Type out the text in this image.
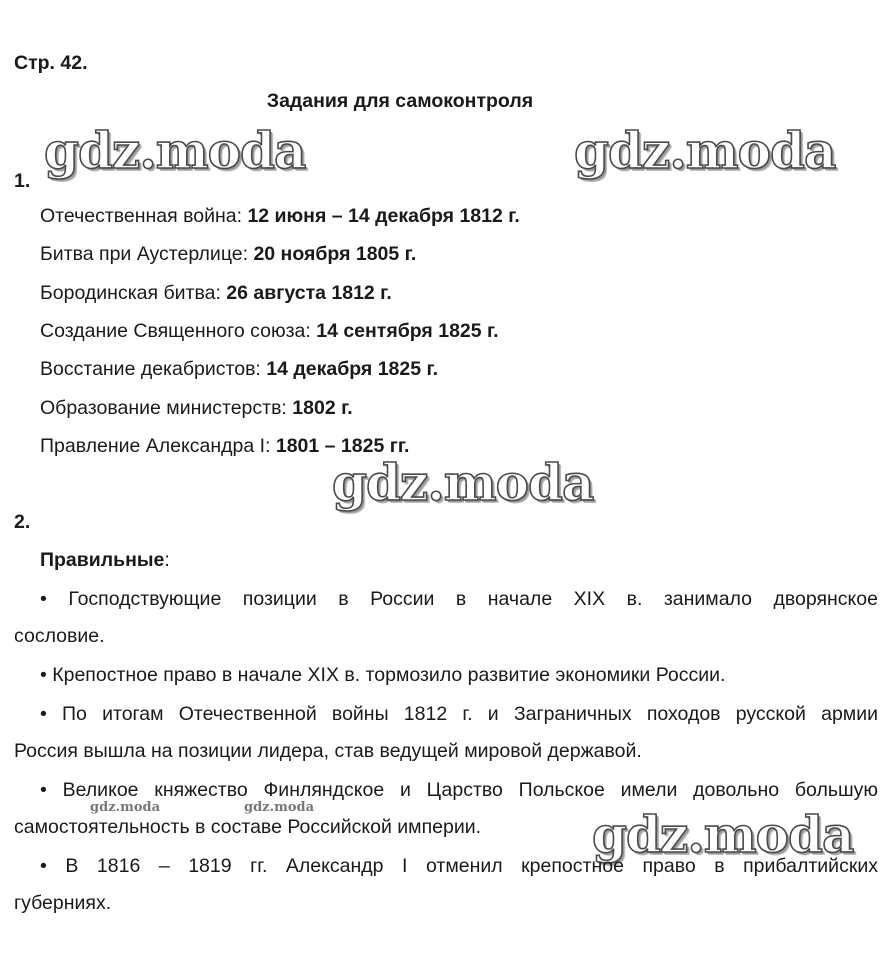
Стр. 42.
Задания для самоконтроля
gdz.moda	gdz.moda
gdz.moda
gdz.moda
gdz.moda	gdz.moda
1.
Отечественная война: 12 июня – 14 декабря 1812 г.
Битва при Аустерлице: 20 ноября 1805 г.
Бородинская битва: 26 августа 1812 г.
Создание Священного союза: 14 сентября 1825 г.
Восстание декабристов: 14 декабря 1825 г.
Образование министерств: 1802 г.
Правление Александра I: 1801 – 1825 гг.
2.
Правильные:
• Господствующие позиции в России в начале XIX в. занимало дворянское
сословие.
• Крепостное право в начале XIX в. тормозило развитие экономики России.
• По итогам Отечественной войны 1812 г. и Заграничных походов русской армии
Россия вышла на позиции лидера, став ведущей мировой державой.
• Великое княжество Финляндское и Царство Польское имели довольно большую
самостоятельность в составе Российской империи.
• В 1816 – 1819 гг. Александр I отменил крепостное право в прибалтийских
губерниях.
